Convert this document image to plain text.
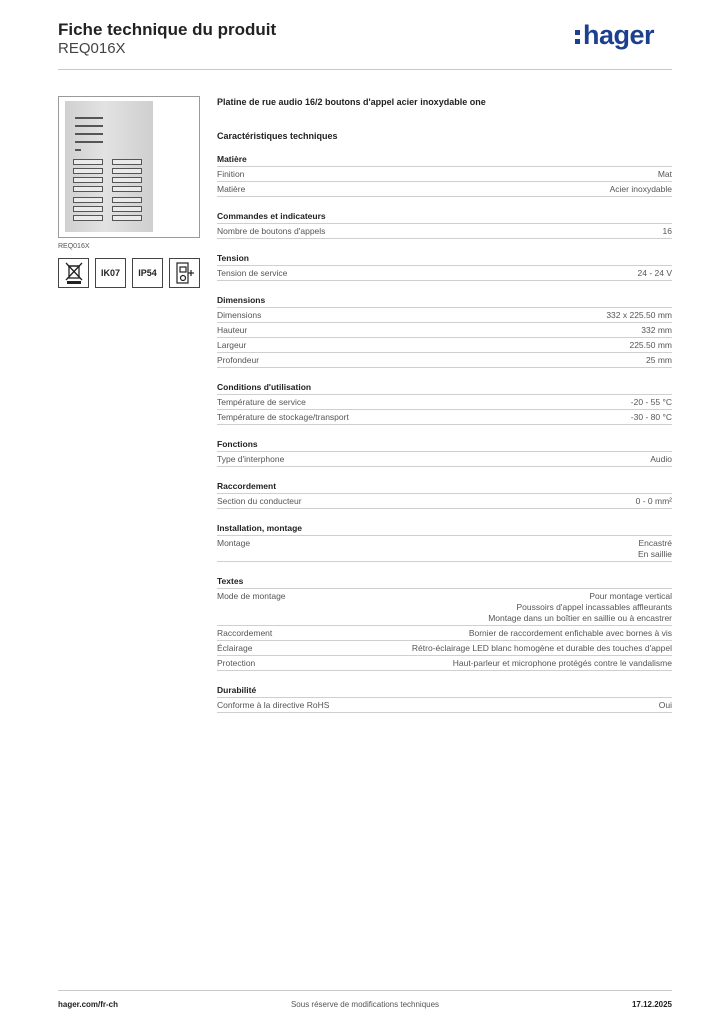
Fiche technique du produit
REQ016X	hager
REQ016X
IK07	IP54
Platine de rue audio 16/2 boutons d'appel acier inoxydable one
Caractéristiques techniques
Matière
Finition	Mat
Matière	Acier inoxydable
Commandes et indicateurs
Nombre de boutons d'appels	16
Tension
Tension de service	24 - 24 V
Dimensions
Dimensions	332 x 225.50 mm
Hauteur	332 mm
Largeur	225.50 mm
Profondeur	25 mm
Conditions d'utilisation
Température de service	-20 - 55 °C
Température de stockage/transport	-30 - 80 °C
Fonctions
Type d'interphone	Audio
Raccordement
Section du conducteur	0 - 0 mm²
Installation, montage
Montage	Encastré
En saillie
Textes
Mode de montage	Pour montage vertical
Poussoirs d'appel incassables affleurants
Montage dans un boîtier en saillie ou à encastrer
Raccordement	Bornier de raccordement enfichable avec bornes à vis
Éclairage	Rétro-éclairage LED blanc homogène et durable des touches d'appel
Protection	Haut-parleur et microphone protégés contre le vandalisme
Durabilité
Conforme à la directive RoHS	Oui
hager.com/fr-ch	Sous réserve de modifications techniques	17.12.2025
